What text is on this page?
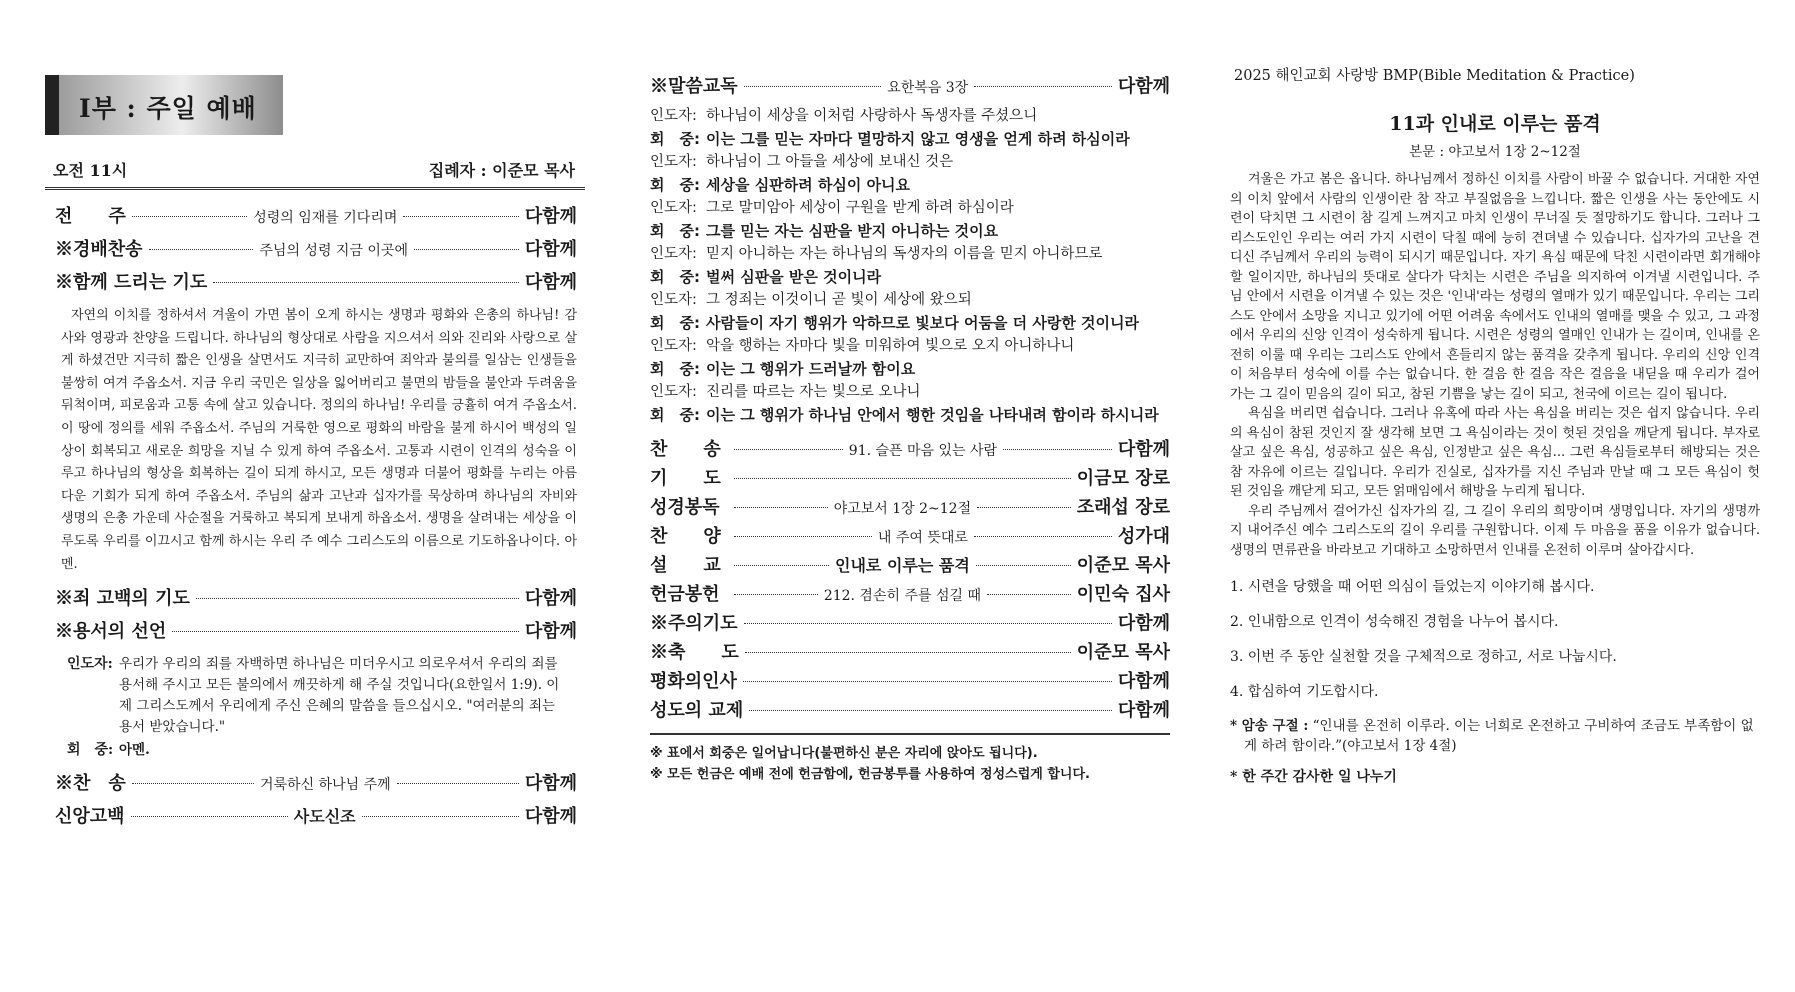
I부 : 주일 예배
오전 11시	집례자 : 이준모 목사
전　　주	성령의 임재를 기다리며	다함께
※경배찬송	주님의 성령 지금 이곳에	다함께
※함께 드리는 기도	다함께
자연의 이치를 정하셔서 겨울이 가면 봄이 오게 하시는 생명과 평화와 은총의 하나님! 감사와 영광과 찬양을 드립니다. 하나님의 형상대로 사람을 지으셔서 의와 진리와 사랑으로 살게 하셨건만 지극히 짧은 인생을 살면서도 지극히 교만하여 죄악과 불의를 일삼는 인생들을 불쌍히 여겨 주옵소서. 지금 우리 국민은 일상을 잃어버리고 불면의 밤들을 불안과 두려움을 뒤척이며, 피로움과 고통 속에 살고 있습니다. 정의의 하나님! 우리를 긍휼히 여겨 주옵소서. 이 땅에 정의를 세워 주옵소서. 주님의 거룩한 영으로 평화의 바람을 불게 하시어 백성의 일상이 회복되고 새로운 희망을 지닐 수 있게 하여 주옵소서. 고통과 시련이 인격의 성숙을 이루고 하나님의 형상을 회복하는 길이 되게 하시고, 모든 생명과 더불어 평화를 누리는 아름다운 기회가 되게 하여 주옵소서. 주님의 삶과 고난과 십자가를 묵상하며 하나님의 자비와 생명의 은총 가운데 사순절을 거룩하고 복되게 보내게 하옵소서. 생명을 살려내는 세상을 이루도록 우리를 이끄시고 함께 하시는 우리 주 예수 그리스도의 이름으로 기도하옵나이다. 아멘.
※죄 고백의 기도	다함께
※용서의 선언	다함께
인도자: 우리가 우리의 죄를 자백하면 하나님은 미더우시고 의로우셔서 우리의 죄를 용서해 주시고 모든 불의에서 깨끗하게 해 주실 것입니다(요한일서 1:9). 이제 그리스도께서 우리에게 주신 은혜의 말씀을 들으십시오. "여러분의 죄는 용서 받았습니다."
회　중: 아멘.
※찬　송	거룩하신 하나님 주께	다함께
신앙고백	사도신조	다함께
※말씀교독	요한복음 3장	다함께
인도자: 하나님이 세상을 이처럼 사랑하사 독생자를 주셨으니
회　중: 이는 그를 믿는 자마다 멸망하지 않고 영생을 얻게 하려 하심이라
인도자: 하나님이 그 아들을 세상에 보내신 것은
회　중: 세상을 심판하려 하심이 아니요
인도자: 그로 말미암아 세상이 구원을 받게 하려 하심이라
회　중: 그를 믿는 자는 심판을 받지 아니하는 것이요
인도자: 믿지 아니하는 자는 하나님의 독생자의 이름을 믿지 아니하므로
회　중: 벌써 심판을 받은 것이니라
인도자: 그 정죄는 이것이니 곧 빛이 세상에 왔으되
회　중: 사람들이 자기 행위가 악하므로 빛보다 어둠을 더 사랑한 것이니라
인도자: 악을 행하는 자마다 빛을 미워하여 빛으로 오지 아니하나니
회　중: 이는 그 행위가 드러날까 함이요
인도자: 진리를 따르는 자는 빛으로 오나니
회　중: 이는 그 행위가 하나님 안에서 행한 것임을 나타내려 함이라 하시니라
찬　　송	91. 슬픈 마음 있는 사람	다함께
기　　도	이금모 장로
성경봉독	야고보서 1장 2~12절	조래섭 장로
찬　　양	내 주여 뜻대로	성가대
설　　교	인내로 이루는 품격	이준모 목사
헌금봉헌	212. 겸손히 주를 섬길 때	이민숙 집사
※주의기도	다함께
※축　　도	이준모 목사
평화의인사	다함께
성도의 교제	다함께
※ 표에서 회중은 일어납니다(불편하신 분은 자리에 앉아도 됩니다).
※ 모든 헌금은 예배 전에 헌금함에, 헌금봉투를 사용하여 정성스럽게 합니다.
2025 해인교회 사랑방 BMP(Bible Meditation & Practice)
11과 인내로 이루는 품격
본문 : 야고보서 1장 2~12절

겨울은 가고 봄은 옵니다. 하나님께서 정하신 이치를 사람이 바꿀 수 없습니다. 거대한 자연의 이치 앞에서 사람의 인생이란 참 작고 부질없음을 느낍니다. 짧은 인생을 사는 동안에도 시련이 닥치면 그 시련이 참 길게 느껴지고 마치 인생이 무너질 듯 절망하기도 합니다. 그러나 그리스도인인 우리는 여러 가지 시련이 닥칠 때에 능히 견뎌낼 수 있습니다. 십자가의 고난을 견디신 주님께서 우리의 능력이 되시기 때문입니다. 자기 욕심 때문에 닥친 시련이라면 회개해야 할 일이지만, 하나님의 뜻대로 살다가 닥치는 시련은 주님을 의지하여 이겨낼 시련입니다. 주님 안에서 시련을 이겨낼 수 있는 것은 '인내'라는 성령의 열매가 있기 때문입니다. 우리는 그리스도 안에서 소망을 지니고 있기에 어떤 어려움 속에서도 인내의 열매를 맺을 수 있고, 그 과정에서 우리의 신앙 인격이 성숙하게 됩니다. 시련은 성령의 열매인 인내가 는 길이며, 인내를 온전히 이룰 때 우리는 그리스도 안에서 흔들리지 않는 품격을 갖추게 됩니다. 우리의 신앙 인격이 처음부터 성숙에 이를 수는 없습니다. 한 걸음 한 걸음 작은 걸음을 내딛을 때 우리가 걸어가는 그 길이 믿음의 길이 되고, 참된 기쁨을 낳는 길이 되고, 천국에 이르는 길이 됩니다.

욕심을 버리면 쉽습니다. 그러나 유혹에 따라 사는 욕심을 버리는 것은 쉽지 않습니다. 우리의 욕심이 참된 것인지 잘 생각해 보면 그 욕심이라는 것이 헛된 것임을 깨닫게 됩니다. 부자로 살고 싶은 욕심, 성공하고 싶은 욕심, 인정받고 싶은 욕심... 그런 욕심들로부터 해방되는 것은 참 자유에 이르는 길입니다. 우리가 진실로, 십자가를 지신 주님과 만날 때 그 모든 욕심이 헛된 것임을 깨닫게 되고, 모든 얽매임에서 해방을 누리게 됩니다.

우리 주님께서 걸어가신 십자가의 길, 그 길이 우리의 희망이며 생명입니다. 자기의 생명까지 내어주신 예수 그리스도의 길이 우리를 구원합니다. 이제 두 마음을 품을 이유가 없습니다. 생명의 면류관을 바라보고 기대하고 소망하면서 인내를 온전히 이루며 살아갑시다.

1. 시련을 당했을 때 어떤 의심이 들었는지 이야기해 봅시다.
2. 인내함으로 인격이 성숙해진 경험을 나누어 봅시다.
3. 이번 주 동안 실천할 것을 구체적으로 정하고, 서로 나눕시다.
4. 합심하여 기도합시다.
* 암송 구절 : “인내를 온전히 이루라. 이는 너희로 온전하고 구비하여 조금도 부족함이 없게 하려 함이라.”(야고보서 1장 4절)
* 한 주간 감사한 일 나누기
